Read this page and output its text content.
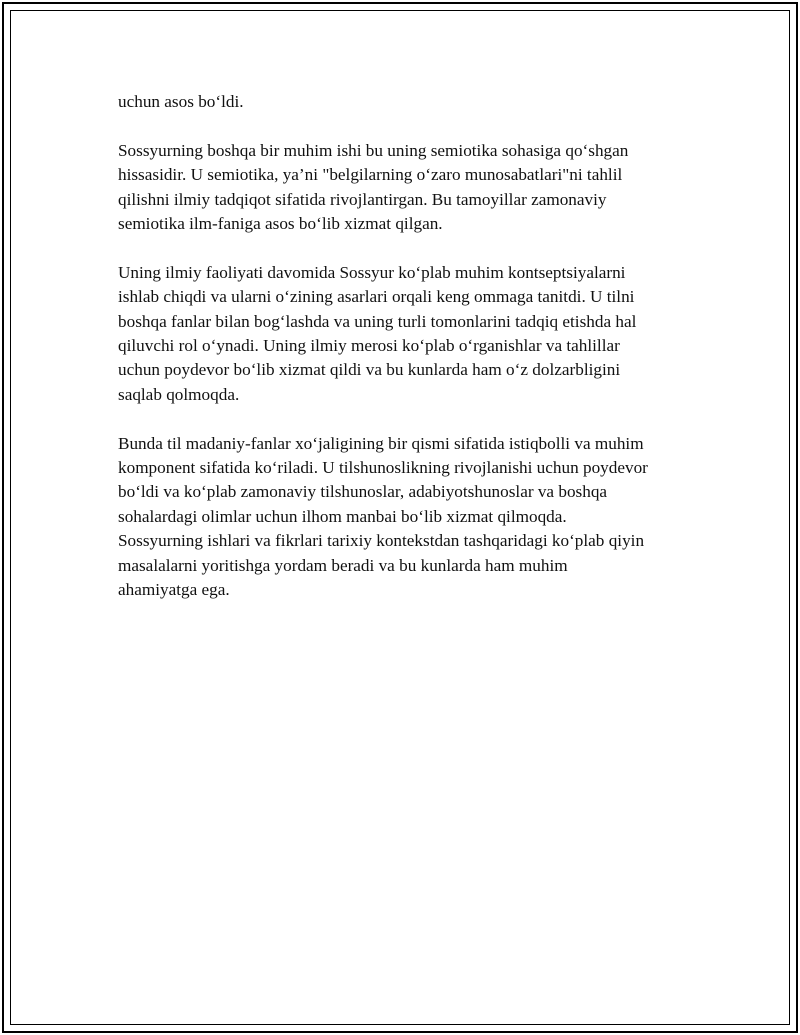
uchun asos bo‘ldi.

Sossyurning boshqa bir muhim ishi bu uning semiotika sohasiga qo‘shgan
hissasidir. U semiotika, ya’ni "belgilarning o‘zaro munosabatlari"ni tahlil
qilishni ilmiy tadqiqot sifatida rivojlantirgan. Bu tamoyillar zamonaviy
semiotika ilm-faniga asos bo‘lib xizmat qilgan.

Uning ilmiy faoliyati davomida Sossyur ko‘plab muhim kontseptsiyalarni
ishlab chiqdi va ularni o‘zining asarlari orqali keng ommaga tanitdi. U tilni
boshqa fanlar bilan bog‘lashda va uning turli tomonlarini tadqiq etishda hal
qiluvchi rol o‘ynadi. Uning ilmiy merosi ko‘plab o‘rganishlar va tahlillar
uchun poydevor bo‘lib xizmat qildi va bu kunlarda ham o‘z dolzarbligini
saqlab qolmoqda.

Bunda til madaniy-fanlar xo‘jaligining bir qismi sifatida istiqbolli va muhim
komponent sifatida ko‘riladi. U tilshunoslikning rivojlanishi uchun poydevor
bo‘ldi va ko‘plab zamonaviy tilshunoslar, adabiyotshunoslar va boshqa
sohalardagi olimlar uchun ilhom manbai bo‘lib xizmat qilmoqda.
Sossyurning ishlari va fikrlari tarixiy kontekstdan tashqaridagi ko‘plab qiyin
masalalarni yoritishga yordam beradi va bu kunlarda ham muhim
ahamiyatga ega.
